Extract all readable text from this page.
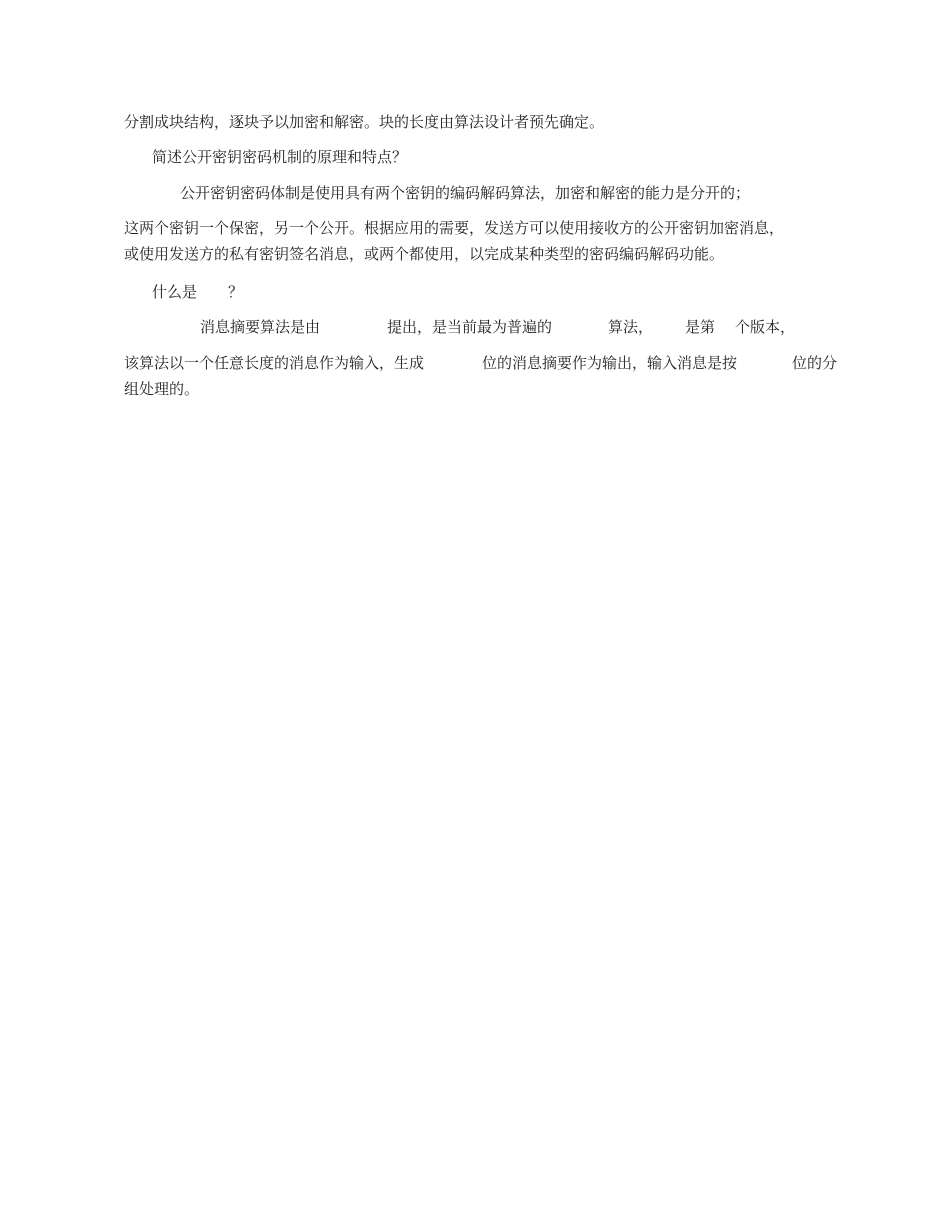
分割成块结构，逐块予以加密和解密。块的长度由算法设计者预先确定。
简述公开密钥密码机制的原理和特点？
公开密钥密码体制是使用具有两个密钥的编码解码算法，加密和解密的能力是分开的；
这两个密钥一个保密，另一个公开。根据应用的需要，发送方可以使用接收方的公开密钥加密消息，
或使用发送方的私有密钥签名消息，或两个都使用，以完成某种类型的密码编码解码功能。
什么是 ？
消息摘要算法是由	提出，是当前最为普遍的	算法， 是第 个版本，
该算法以一个任意长度的消息作为输入，生成	位的消息摘要作为输出，输入消息是按	位的分
组处理的。
